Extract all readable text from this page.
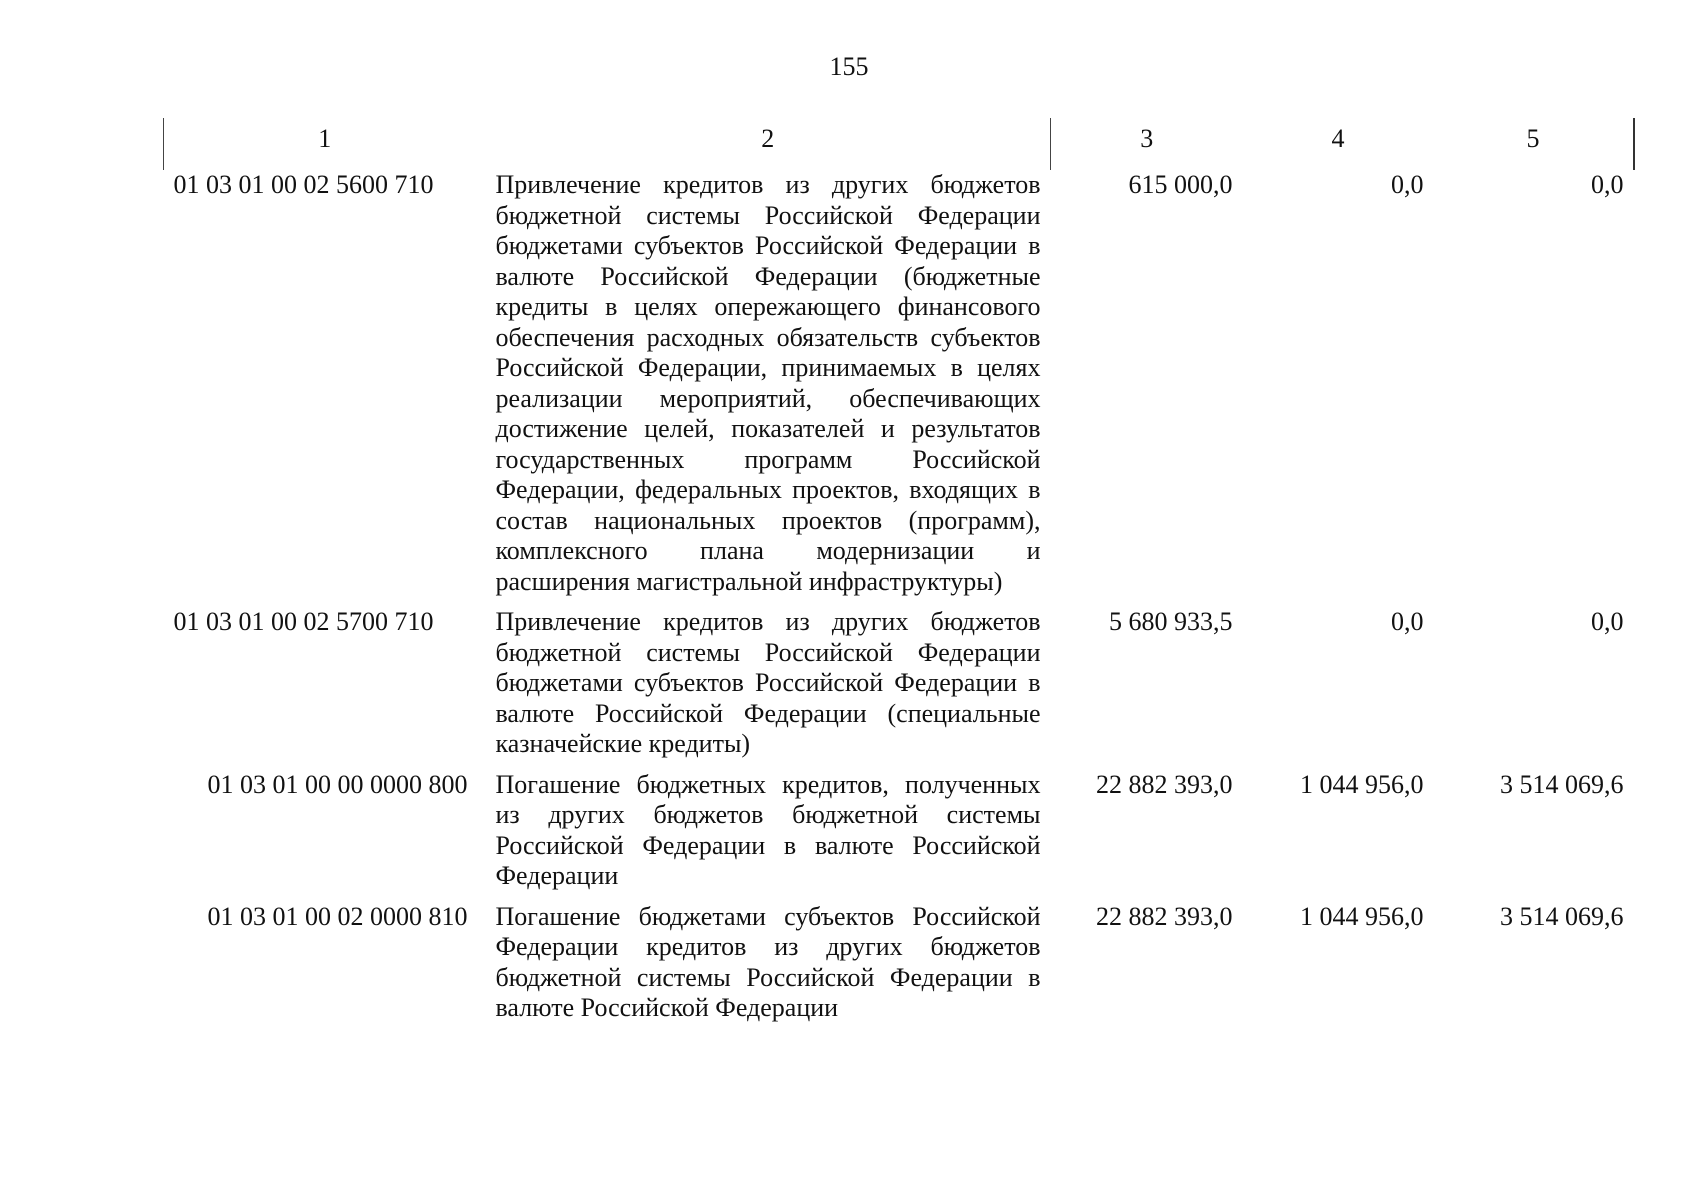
155
1	2	3	4	5
01 03 01 00 02 5600 710	Привлечение кредитов из других бюджетов бюджетной системы Российской Федерации бюджетами субъектов Российской Федерации в валюте Российской Федерации (бюджетные кредиты в целях опережающего финансового обеспечения расходных обязательств субъектов Российской Федерации, принимаемых в целях реализации мероприятий, обеспечивающих достижение целей, показателей и результатов государственных программ Российской Федерации, федеральных проектов, входящих в состав национальных проектов (программ), комплексного плана модернизации и расширения магистральной инфраструктуры)	615 000,0	0,0	0,0
01 03 01 00 02 5700 710	Привлечение кредитов из других бюджетов бюджетной системы Российской Федерации бюджетами субъектов Российской Федерации в валюте Российской Федерации (специальные казначейские кредиты)	5 680 933,5	0,0	0,0
01 03 01 00 00 0000 800	Погашение бюджетных кредитов, полученных из других бюджетов бюджетной системы Российской Федерации в валюте Российской Федерации	22 882 393,0	1 044 956,0	3 514 069,6
01 03 01 00 02 0000 810	Погашение бюджетами субъектов Российской Федерации кредитов из других бюджетов бюджетной системы Российской Федерации в валюте Российской Федерации	22 882 393,0	1 044 956,0	3 514 069,6
